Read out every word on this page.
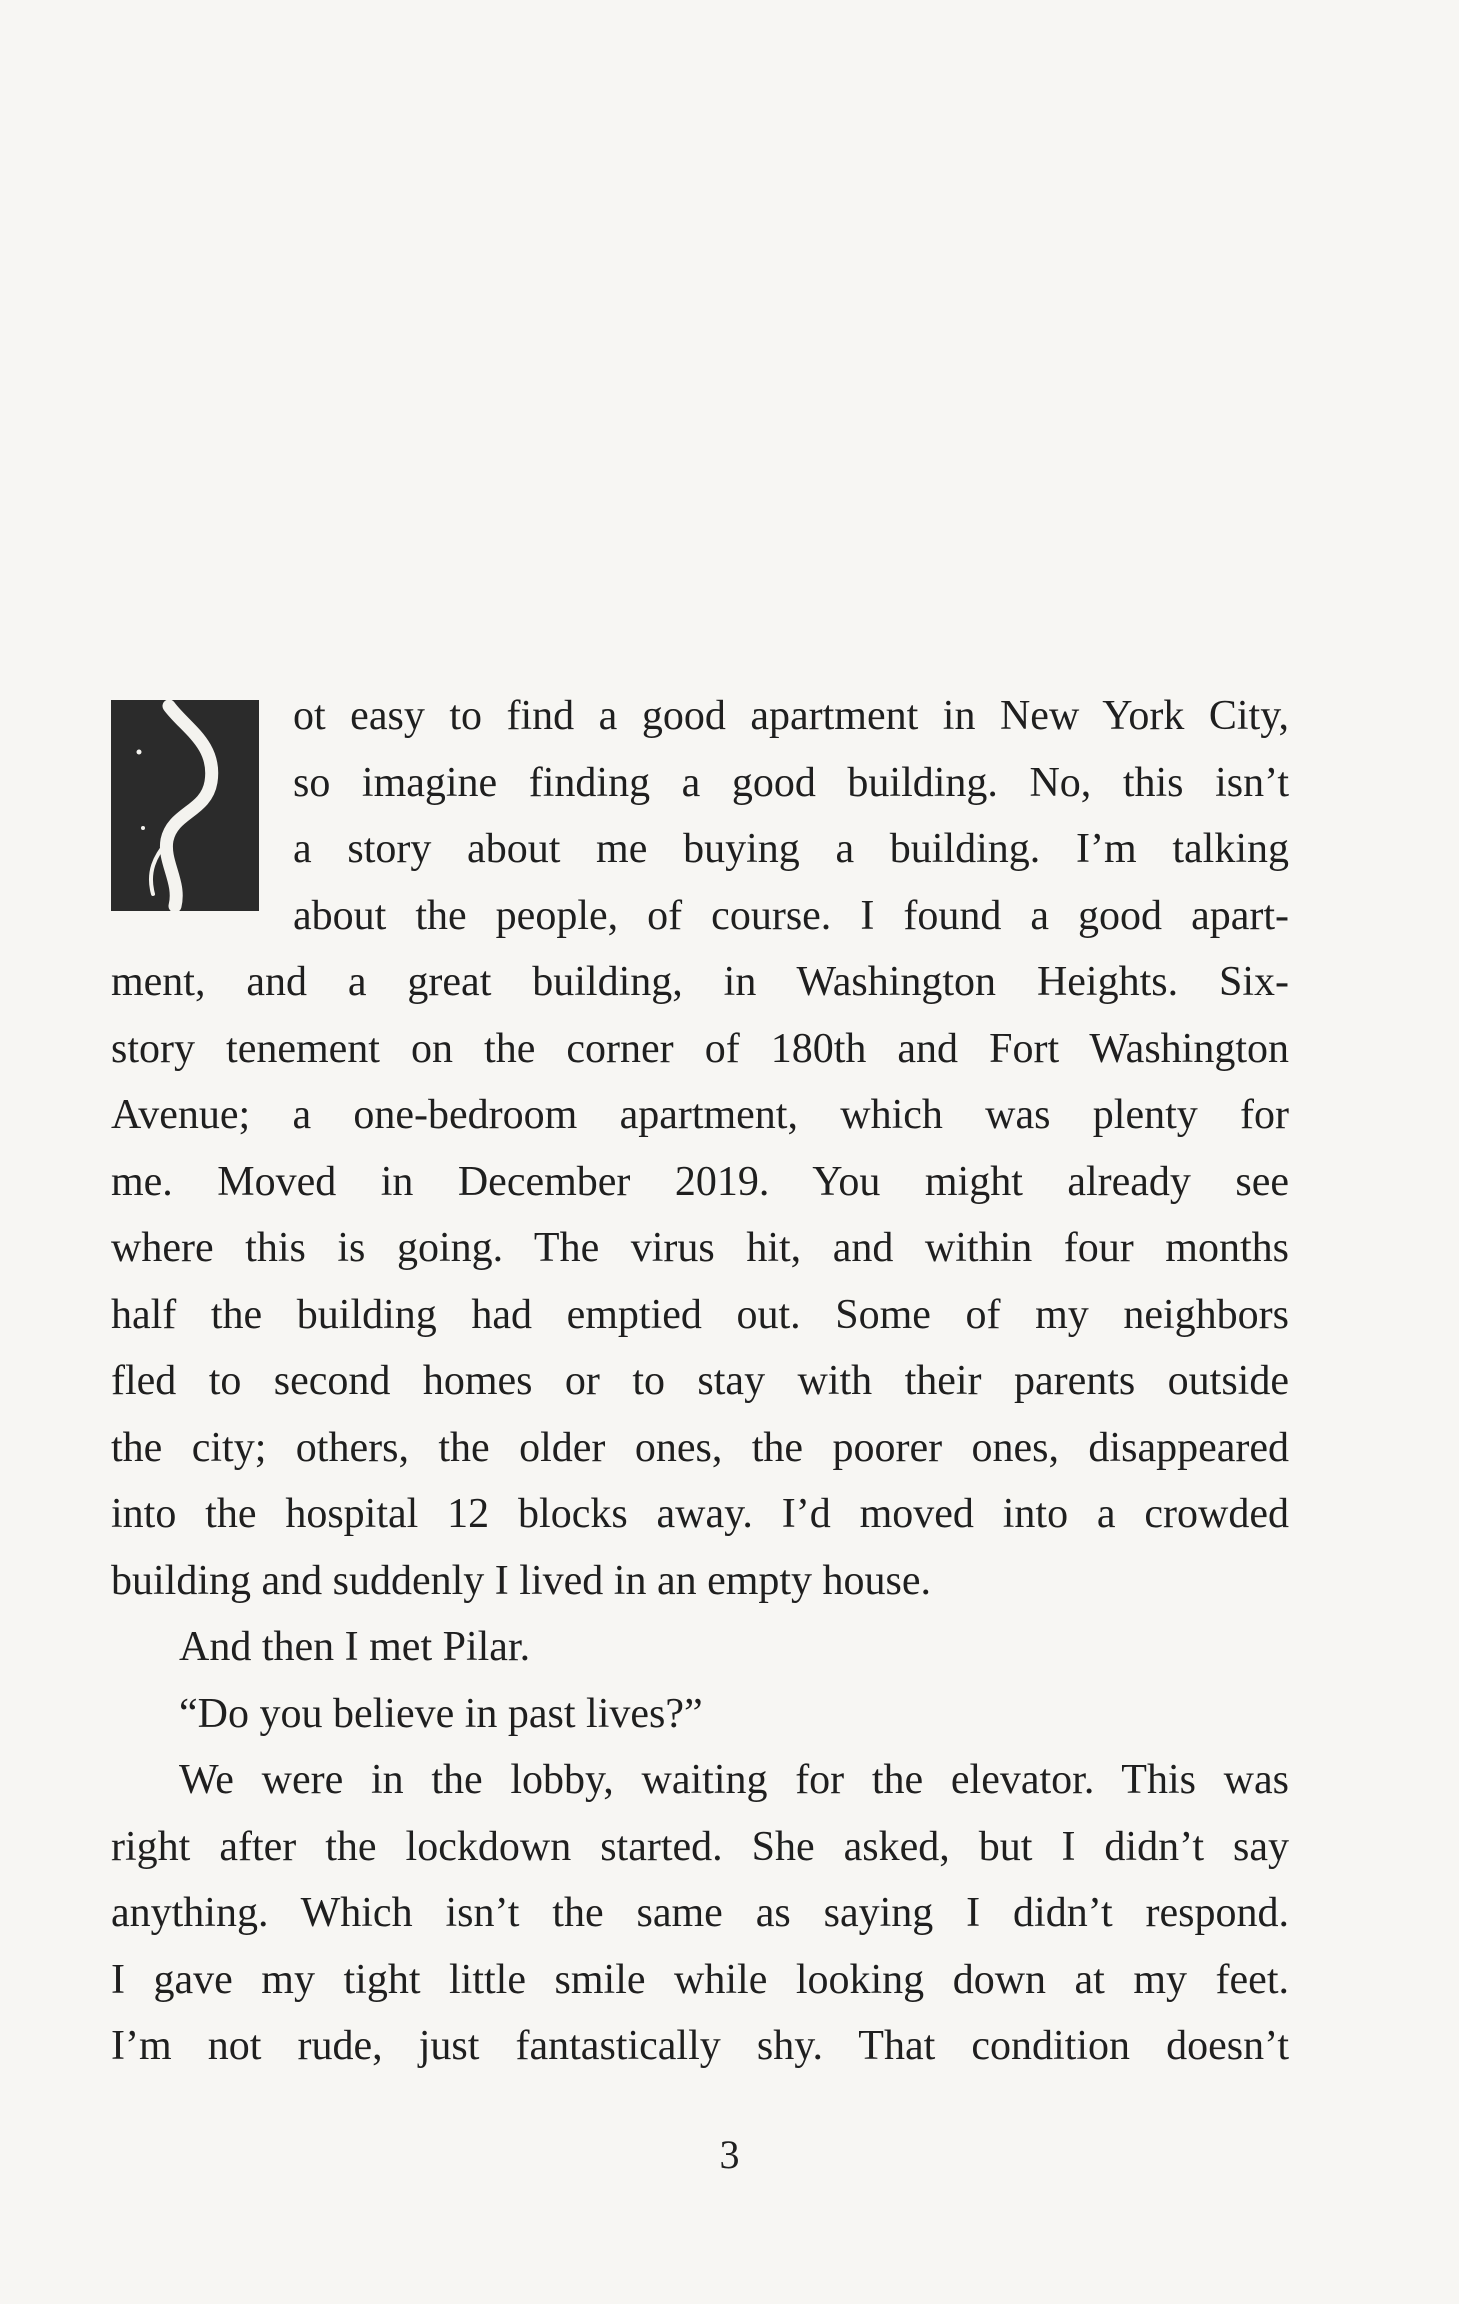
ot easy to find a good apartment in New York City,
so imagine finding a good building. No, this isn’t
a story about me buying a building. I’m talking
about the people, of course. I found a good apart-
ment, and a great building, in Washington Heights. Six-
story tenement on the corner of 180th and Fort Washington
Avenue; a one-bedroom apartment, which was plenty for
me. Moved in December 2019. You might already see
where this is going. The virus hit, and within four months
half the building had emptied out. Some of my neighbors
fled to second homes or to stay with their parents outside
the city; others, the older ones, the poorer ones, disappeared
into the hospital 12 blocks away. I’d moved into a crowded
building and suddenly I lived in an empty house.
And then I met Pilar.
“Do you believe in past lives?”
We were in the lobby, waiting for the elevator. This was
right after the lockdown started. She asked, but I didn’t say
anything. Which isn’t the same as saying I didn’t respond.
I gave my tight little smile while looking down at my feet.
I’m not rude, just fantastically shy. That condition doesn’t
3
